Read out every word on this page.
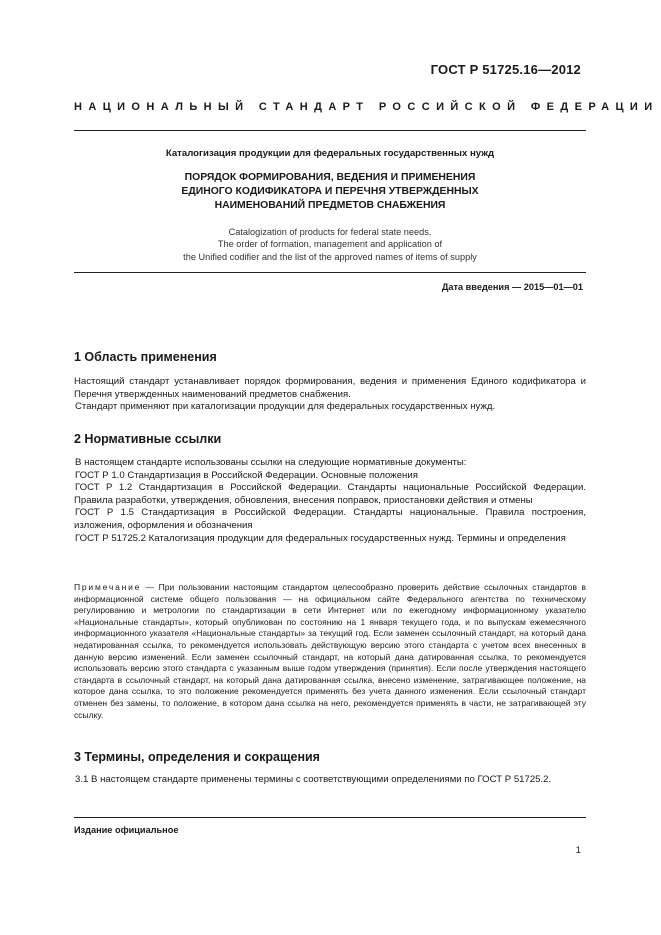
ГОСТ Р 51725.16—2012
НАЦИОНАЛЬНЫЙ СТАНДАРТ РОССИЙСКОЙ ФЕДЕРАЦИИ
Каталогизация продукции для федеральных государственных нужд
ПОРЯДОК ФОРМИРОВАНИЯ, ВЕДЕНИЯ И ПРИМЕНЕНИЯ
ЕДИНОГО КОДИФИКАТОРА И ПЕРЕЧНЯ УТВЕРЖДЕННЫХ
НАИМЕНОВАНИЙ ПРЕДМЕТОВ СНАБЖЕНИЯ
Catalogization of products for federal state needs.
The order of formation, management and application of
the Unified codifier and the list of the approved names of items of supply
Дата введения — 2015—01—01
1 Область применения

Настоящий стандарт устанавливает порядок формирования, ведения и применения Единого кодификатора и Перечня утвержденных наименований предметов снабжения.

Стандарт применяют при каталогизации продукции для федеральных государственных нужд.

2 Нормативные ссылки

В настоящем стандарте использованы ссылки на следующие нормативные документы:

ГОСТ Р 1.0 Стандартизация в Российской Федерации. Основные положения

ГОСТ Р 1.2 Стандартизация в Российской Федерации. Стандарты национальные Российской Федерации. Правила разработки, утверждения, обновления, внесения поправок, приостановки действия и отмены

ГОСТ Р 1.5 Стандартизация в Российской Федерации. Стандарты национальные. Правила построения, изложения, оформления и обозначения

ГОСТ Р 51725.2 Каталогизация продукции для федеральных государственных нужд. Термины и определения

Примечание — При пользовании настоящим стандартом целесообразно проверить действие ссылочных стандартов в информационной системе общего пользования — на официальном сайте Федерального агентства по техническому регулированию и метрологии по стандартизации в сети Интернет или по ежегодному информационному указателю «Национальные стандарты», который опубликован по состоянию на 1 января текущего года, и по выпускам ежемесячного информационного указателя «Национальные стандарты» за текущий год. Если заменен ссылочный стандарт, на который дана недатированная ссылка, то рекомендуется использовать действующую версию этого стандарта с учетом всех внесенных в данную версию изменений. Если заменен ссылочный стандарт, на который дана датированная ссылка, то рекомендуется использовать версию этого стандарта с указанным выше годом утверждения (принятия). Если после утверждения настоящего стандарта в ссылочный стандарт, на который дана датированная ссылка, внесено изменение, затрагивающее положение, на которое дана ссылка, то это положение рекомендуется применять без учета данного изменения. Если ссылочный стандарт отменен без замены, то положение, в котором дана ссылка на него, рекомендуется применять в части, не затрагивающей эту ссылку.
3 Термины, определения и сокращения

3.1 В настоящем стандарте применены термины с соответствующими определениями по ГОСТ Р 51725.2.

Издание официальное
1
